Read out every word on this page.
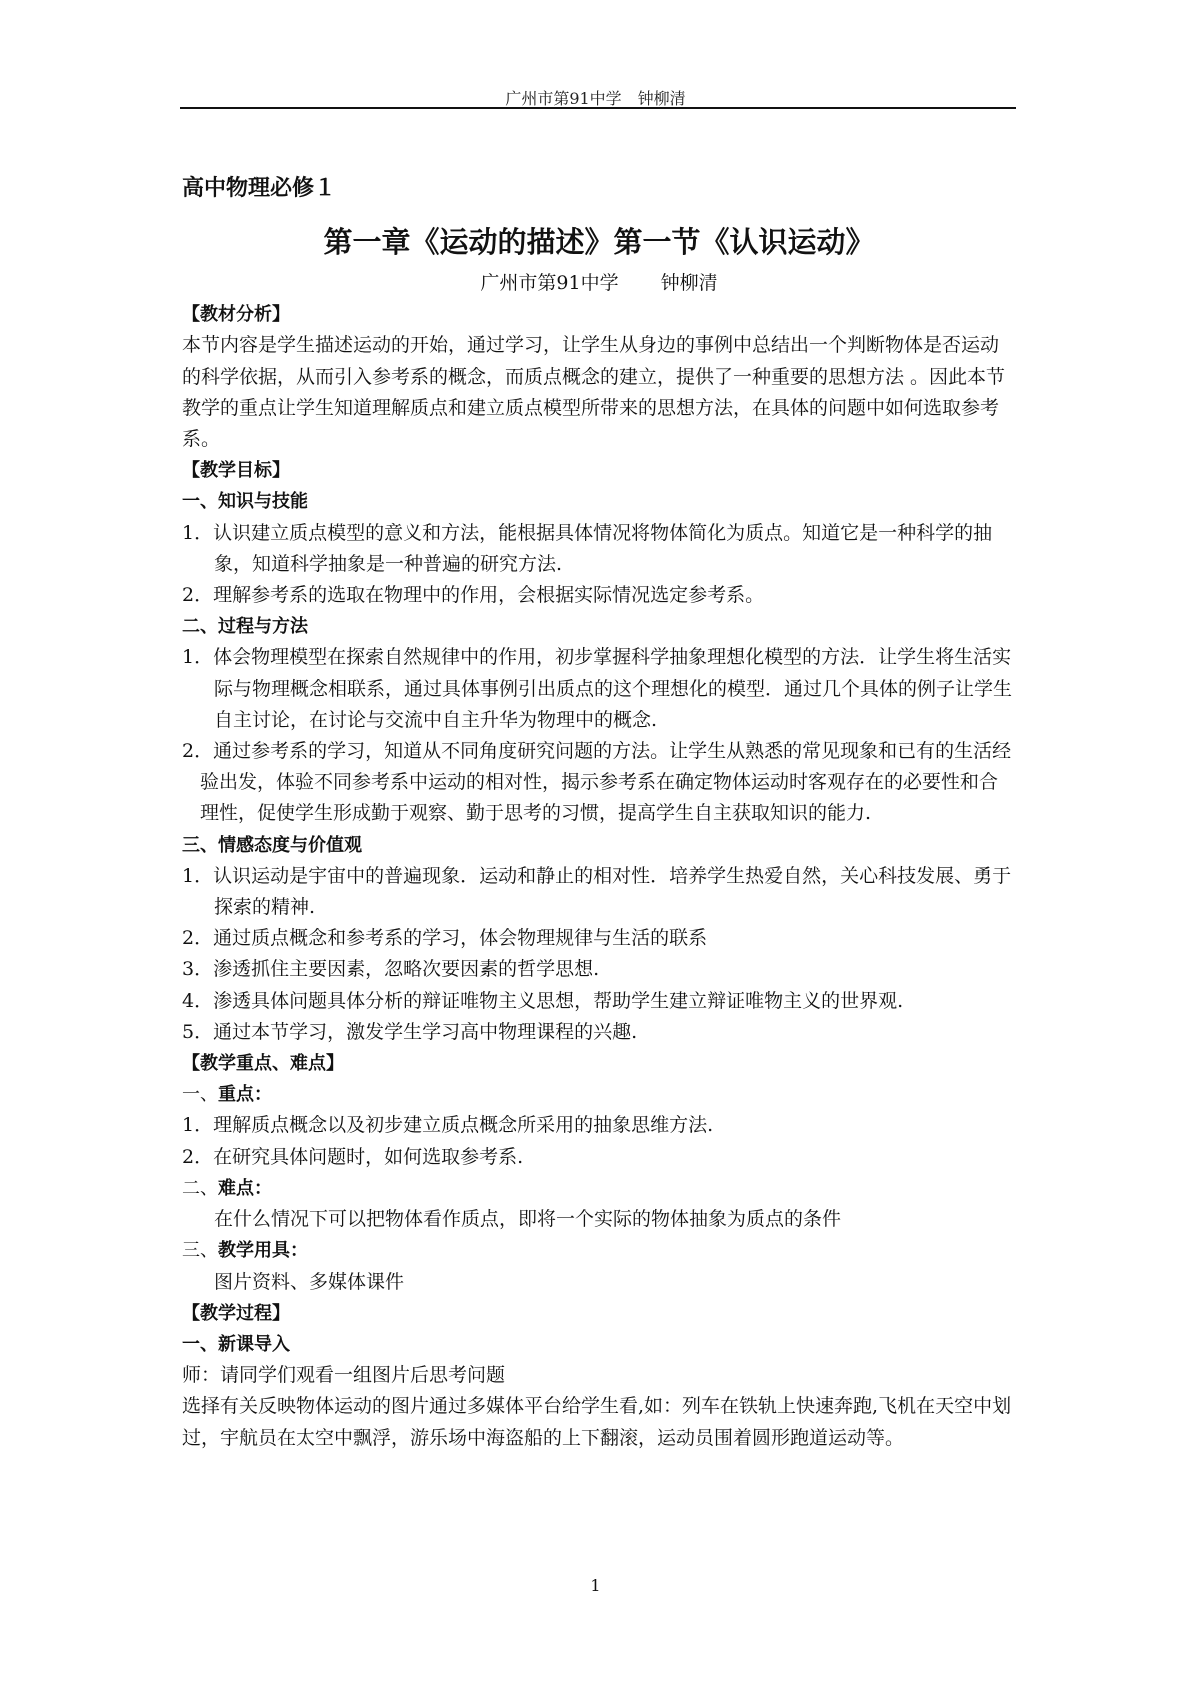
广州市第91中学　钟柳清
高中物理必修１
第一章《运动的描述》第一节《认识运动》
广州市第91中学 钟柳清
【教材分析】

本节内容是学生描述运动的开始，通过学习，让学生从身边的事例中总结出一个判断物体是否运动的科学依据，从而引入参考系的概念，而质点概念的建立，提供了一种重要的思想方法 。因此本节教学的重点让学生知道理解质点和建立质点模型所带来的思想方法，在具体的问题中如何选取参考系。

【教学目标】
一、知识与技能

1．认识建立质点模型的意义和方法，能根据具体情况将物体简化为质点。知道它是一种科学的抽象，知道科学抽象是一种普遍的研究方法.

2．理解参考系的选取在物理中的作用，会根据实际情况选定参考系。

二、过程与方法

1．体会物理模型在探索自然规律中的作用，初步掌握科学抽象理想化模型的方法．让学生将生活实际与物理概念相联系，通过具体事例引出质点的这个理想化的模型．通过几个具体的例子让学生自主讨论，在讨论与交流中自主升华为物理中的概念.

2．通过参考系的学习，知道从不同角度研究问题的方法。让学生从熟悉的常见现象和已有的生活经验出发，体验不同参考系中运动的相对性，揭示参考系在确定物体运动时客观存在的必要性和合理性，促使学生形成勤于观察、勤于思考的习惯，提高学生自主获取知识的能力.

三、情感态度与价值观

1．认识运动是宇宙中的普遍现象．运动和静止的相对性．培养学生热爱自然，关心科技发展、勇于探索的精神.

2．通过质点概念和参考系的学习，体会物理规律与生活的联系

3．渗透抓住主要因素，忽略次要因素的哲学思想.

4．渗透具体问题具体分析的辩证唯物主义思想，帮助学生建立辩证唯物主义的世界观.

5．通过本节学习，激发学生学习高中物理课程的兴趣.

【教学重点、难点】
一、重点：

1．理解质点概念以及初步建立质点概念所采用的抽象思维方法.

2．在研究具体问题时，如何选取参考系.

二、难点：

在什么情况下可以把物体看作质点，即将一个实际的物体抽象为质点的条件

三、教学用具：

图片资料、多媒体课件

【教学过程】
一、新课导入

师：请同学们观看一组图片后思考问题

选择有关反映物体运动的图片通过多媒体平台给学生看,如：列车在铁轨上快速奔跑,飞机在天空中划过，宇航员在太空中飘浮，游乐场中海盗船的上下翻滚，运动员围着圆形跑道运动等。

1
